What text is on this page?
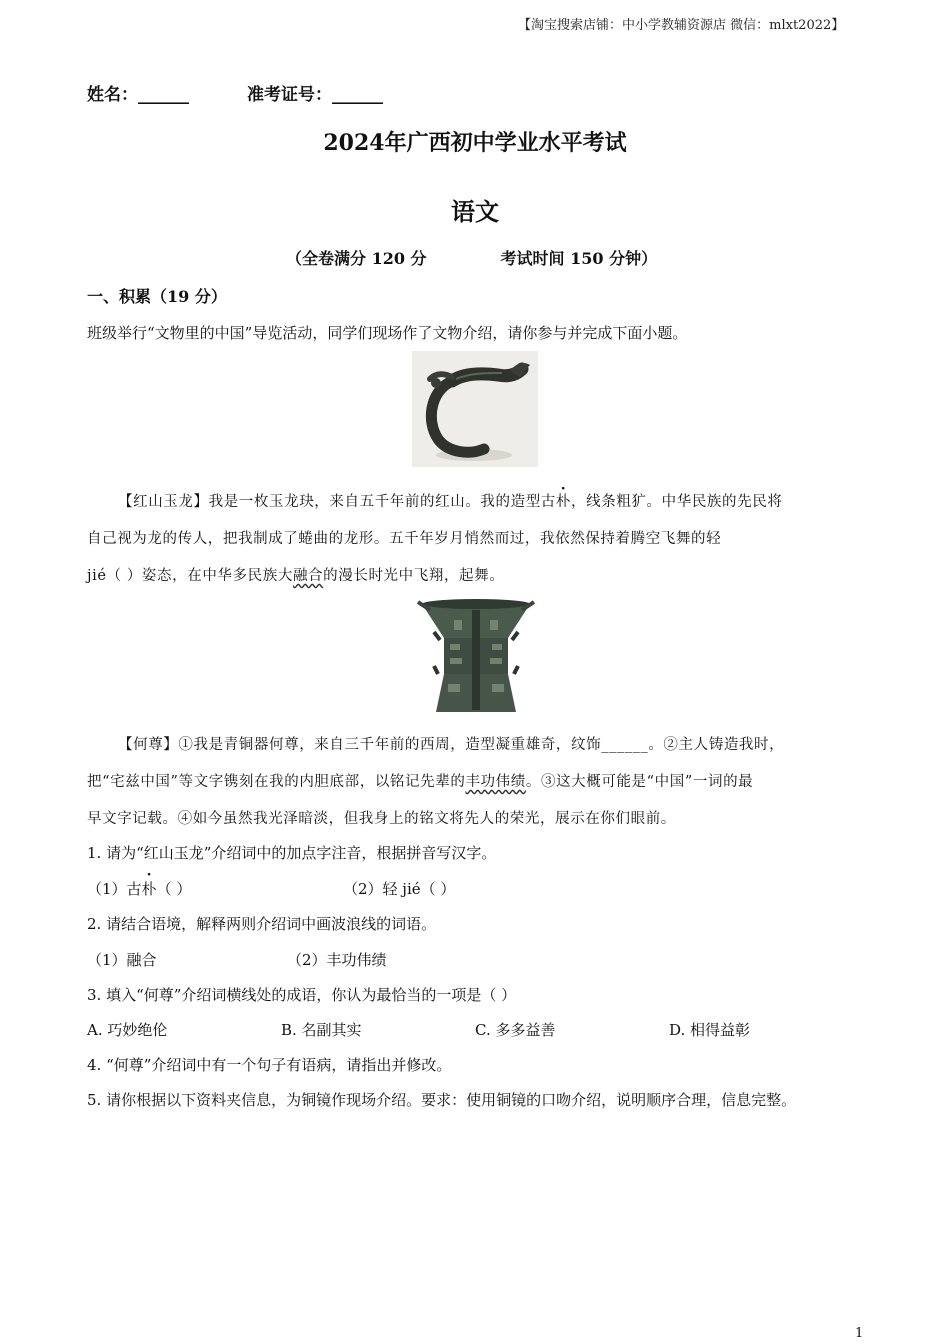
【淘宝搜索店铺：中小学教辅资源店 微信：mlxt2022】
姓名：______	准考证号：______
2024年广西初中学业水平考试
语文
（全卷满分 120 分	考试时间 150 分钟）
一、积累（19 分）
班级举行“文物里的中国”导览活动，同学们现场作了文物介绍，请你参与并完成下面小题。
【红山玉龙】我是一枚玉龙玦，来自五千年前的红山。我的造型古朴，线条粗犷。中华民族的先民将
自己视为龙的传人，把我制成了蜷曲的龙形。五千年岁月悄然而过，我依然保持着腾空飞舞的轻
jié（ ）姿态，在中华多民族大融合的漫长时光中飞翔，起舞。
【何尊】①我是青铜器何尊，来自三千年前的西周，造型凝重雄奇，纹饰______。②主人铸造我时，
把“宅兹中国”等文字镌刻在我的内胆底部，以铭记先辈的丰功伟绩。③这大概可能是“中国”一词的最
早文字记载。④如今虽然我光泽暗淡，但我身上的铭文将先人的荣光，展示在你们眼前。
1. 请为“红山玉龙”介绍词中的加点字注音，根据拼音写汉字。
（1）古朴（ ）	（2）轻 jié（ ）
2. 请结合语境，解释两则介绍词中画波浪线的词语。
（1）融合	（2）丰功伟绩
3. 填入“何尊”介绍词横线处的成语，你认为最恰当的一项是（ ）
A. 巧妙绝伦	B. 名副其实	C. 多多益善	D. 相得益彰
4. “何尊”介绍词中有一个句子有语病，请指出并修改。
5. 请你根据以下资料夹信息，为铜镜作现场介绍。要求：使用铜镜的口吻介绍，说明顺序合理，信息完整。
1
